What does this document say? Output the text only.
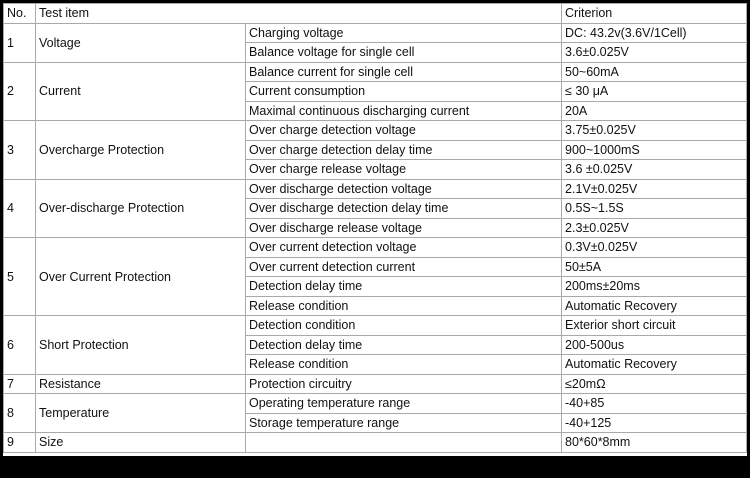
No.	Test item		Criterion
1	Voltage	Charging voltage	DC: 43.2v(3.6V/1Cell)
		Balance voltage for single cell	3.6±0.025V
2	Current	Balance current for single cell	50~60mA
		Current consumption	≤ 30 μA
		Maximal continuous discharging current	20A
3	Overcharge Protection	Over charge detection voltage	3.75±0.025V
		Over charge detection delay time	900~1000mS
		Over charge release voltage	3.6 ±0.025V
4	Over-discharge Protection	Over discharge detection voltage	2.1V±0.025V
		Over discharge detection delay time	0.5S~1.5S
		Over discharge release voltage	2.3±0.025V
5	Over Current Protection	Over current detection voltage	0.3V±0.025V
		Over current detection current	50±5A
		Detection delay time	200ms±20ms
		Release condition	Automatic Recovery
6	Short Protection	Detection condition	Exterior short circuit
		Detection delay time	200-500us
		Release condition	Automatic Recovery
7	Resistance	Protection circuitry	≤20mΩ
8	Temperature	Operating temperature range	-40+85
		Storage temperature range	-40+125
9	Size		80*60*8mm
